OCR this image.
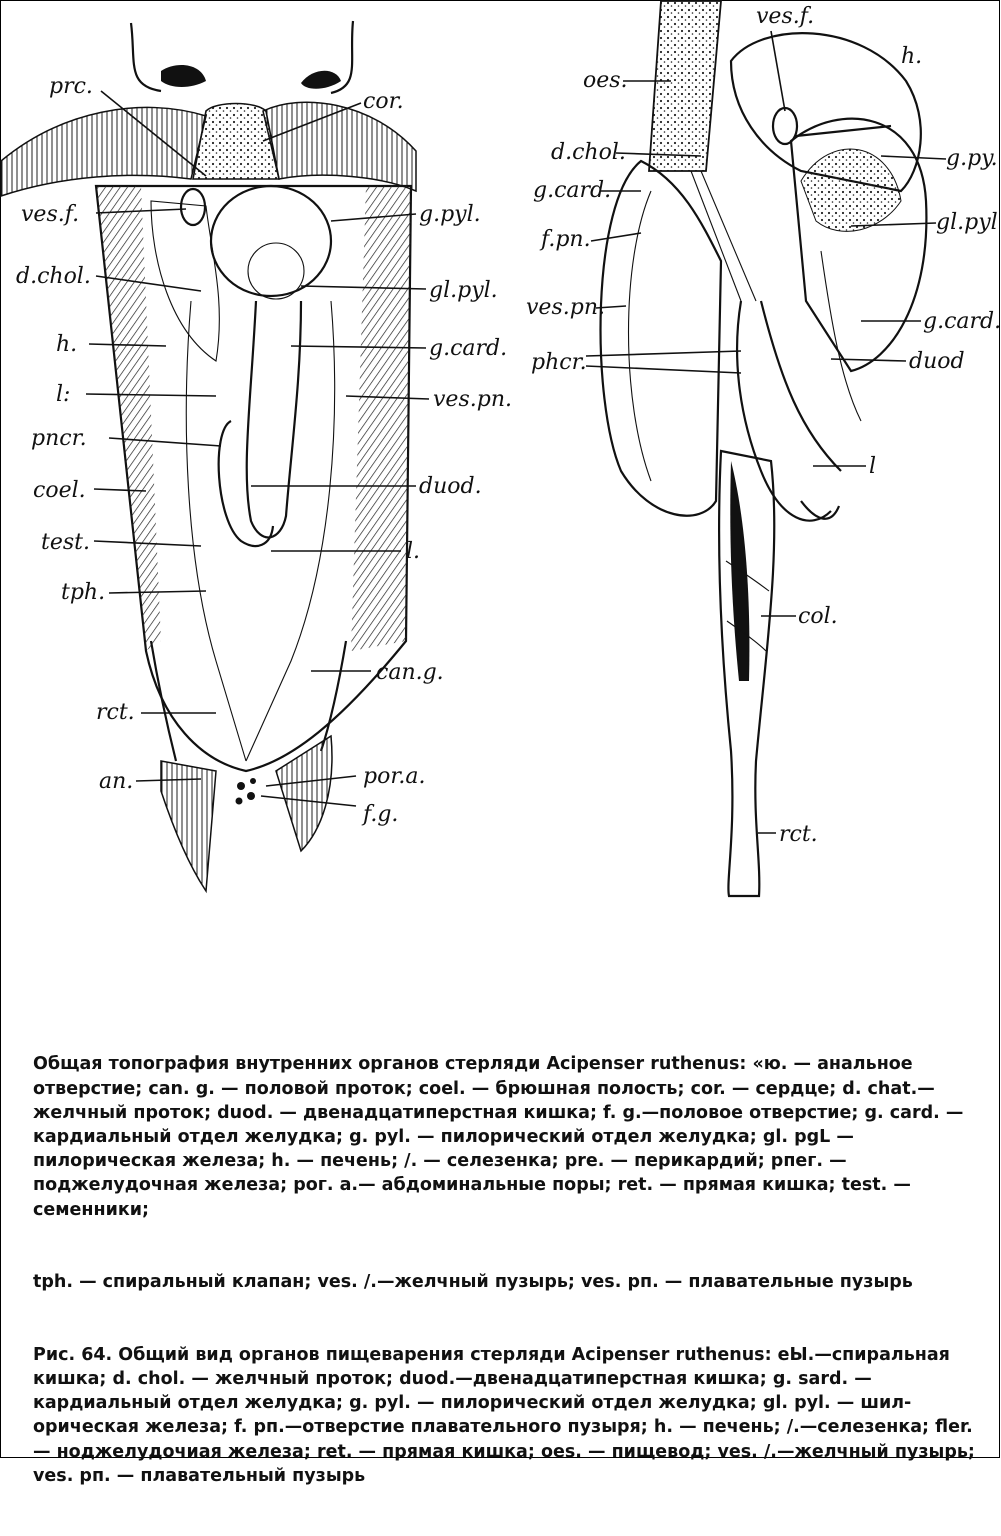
prc.
cor.
ves.f.	g.pyl.
d.chol.
gl.pyl.
h.	g.card.
l:	ves.pn.
pncr.
coel.	duod.
test.	l.
tph.
can.g.
rct.
an.	por.a.
f.g.
ves.f.
oes.
h.
d.chol.	g.py.
g.card.
gl.pyl
f.pn.
ves.pn.
g.card.
phcr.	duod
l
col.
rct.

Общая топография внутренних органов стерляди Acipenser ruthenus: «ю. — анальное отверстие; can. g. — половой проток; coel. — брюшная полость; cor. — сердце; d. chat.—желчный проток; duod. — двенадцатиперстная кишка; f. g.—половое отверстие; g. card. — кардиальный отдел желудка; g. pyl. — пилорический отдел желудка; gl. pgL — пилорическая железа; h. — печень; /. — селезенка; pre. — перикардий; рпег. — поджелудочная железа; рог. а.— абдоминальные поры; ret. — прямая кишка; test. — семенники;

tph. — спиральный клапан; ves. /.—желчный пузырь; ves. рп. — плавательные пузырь

Рис. 64. Общий вид органов пищеварения стерляди Acipenser ruthenus: eЫ.—спиральная кишка; d. chol. — желчный проток; duod.—двенадцатиперстная кишка; g. sard. — кардиальный отдел желудка; g. pyl. — пилорический отдел желудка; gl. pyl. — шил-орическая железа; f. рп.—отверстие плавательного пузыря; h. — печень; /.—селезенка; fler. — ноджелудочиая железа; ret. — прямая кишка; oes. — пищевод; ves. /.—желчный пузырь; ves. рп. — плавательный пузырь
